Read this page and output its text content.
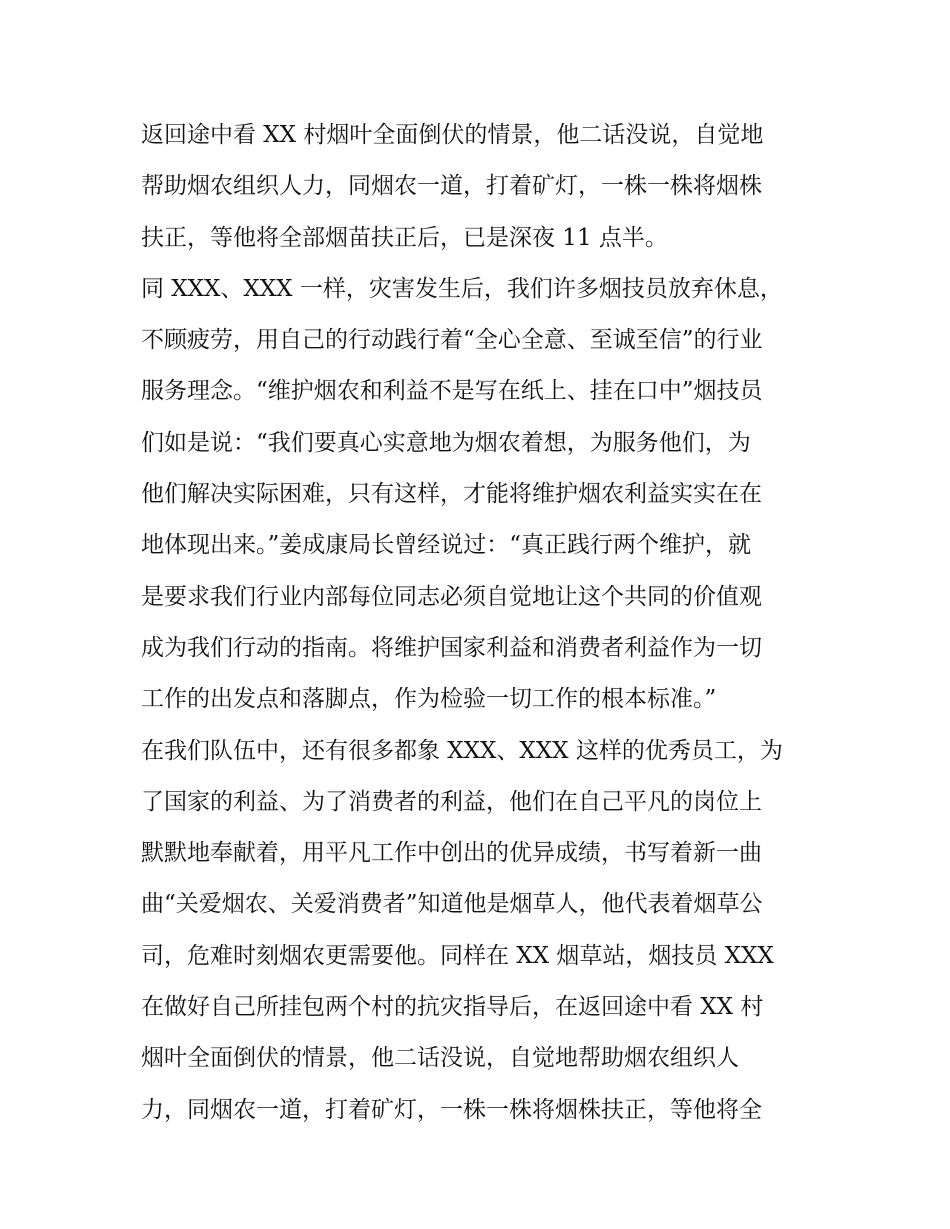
返回途中看 XX 村烟叶全面倒伏的情景，他二话没说，自觉地
帮助烟农组织人力，同烟农一道，打着矿灯，一株一株将烟株
扶正，等他将全部烟苗扶正后，已是深夜 11 点半。
同 XXX、XXX 一样，灾害发生后，我们许多烟技员放弃休息，
不顾疲劳，用自己的行动践行着“全心全意、至诚至信”的行业
服务理念。“维护烟农和利益不是写在纸上、挂在口中”烟技员
们如是说：“我们要真心实意地为烟农着想，为服务他们，为
他们解决实际困难，只有这样，才能将维护烟农利益实实在在
地体现出来。”姜成康局长曾经说过：“真正践行两个维护，就
是要求我们行业内部每位同志必须自觉地让这个共同的价值观
成为我们行动的指南。将维护国家利益和消费者利益作为一切
工作的出发点和落脚点，作为检验一切工作的根本标准。”
在我们队伍中，还有很多都象 XXX、XXX 这样的优秀员工，为
了国家的利益、为了消费者的利益，他们在自己平凡的岗位上
默默地奉献着，用平凡工作中创出的优异成绩，书写着新一曲
曲“关爱烟农、关爱消费者”知道他是烟草人，他代表着烟草公
司，危难时刻烟农更需要他。同样在 XX 烟草站，烟技员 XXX
在做好自己所挂包两个村的抗灾指导后，在返回途中看 XX 村
烟叶全面倒伏的情景，他二话没说，自觉地帮助烟农组织人
力，同烟农一道，打着矿灯，一株一株将烟株扶正，等他将全
